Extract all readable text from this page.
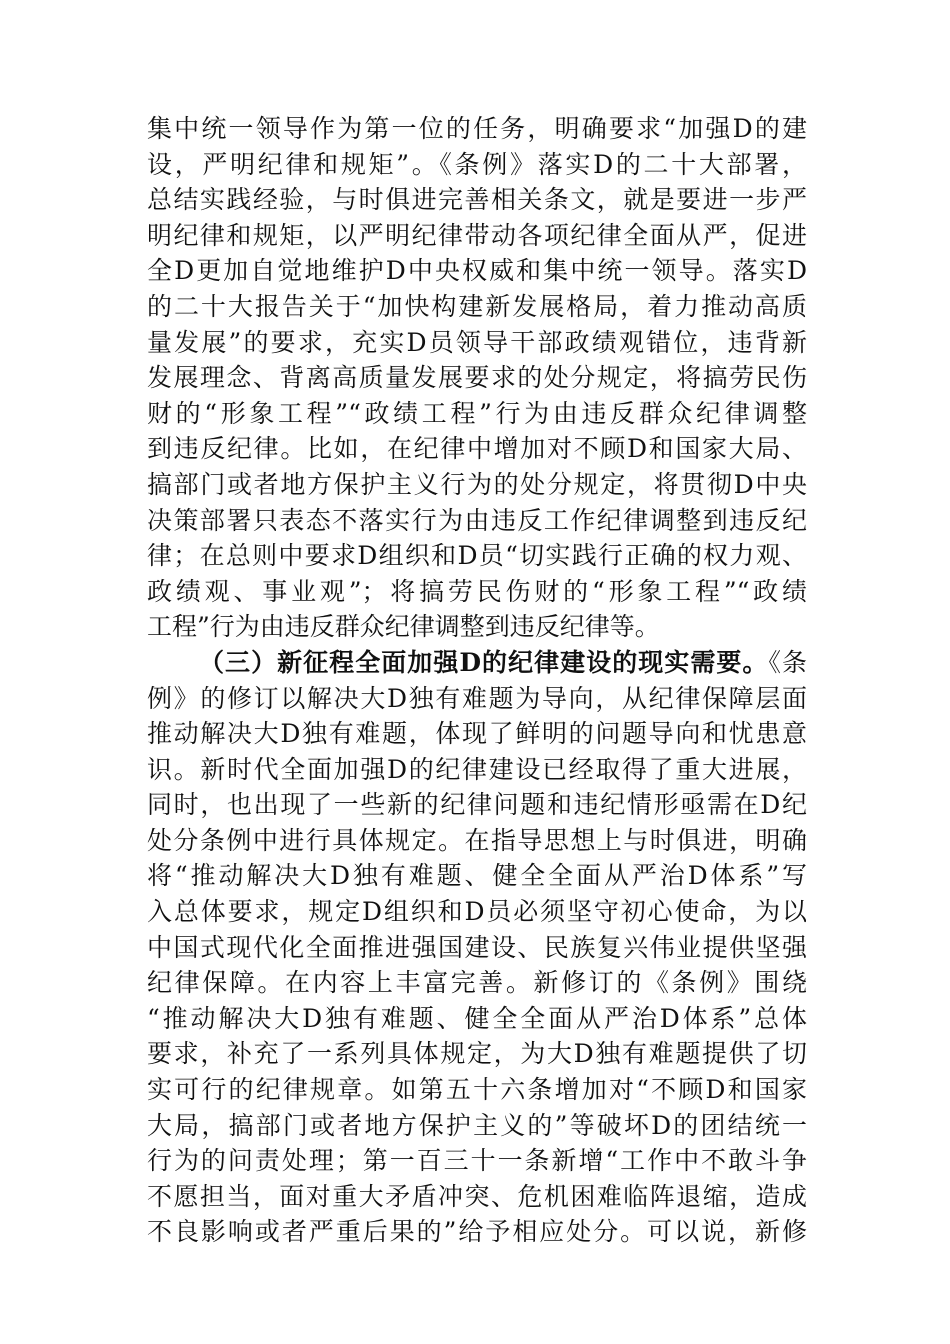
集中统一领导作为第一位的任务，明确要求“加强D的建
设，严明纪律和规矩”。《条例》落实D的二十大部署，
总结实践经验，与时俱进完善相关条文，就是要进一步严
明纪律和规矩，以严明纪律带动各项纪律全面从严，促进
全D更加自觉地维护D中央权威和集中统一领导。落实D
的二十大报告关于“加快构建新发展格局，着力推动高质
量发展”的要求，充实D员领导干部政绩观错位，违背新
发展理念、背离高质量发展要求的处分规定，将搞劳民伤
财的“形象工程”“政绩工程”行为由违反群众纪律调整
到违反纪律。比如，在纪律中增加对不顾D和国家大局、
搞部门或者地方保护主义行为的处分规定，将贯彻D中央
决策部署只表态不落实行为由违反工作纪律调整到违反纪
律；在总则中要求D组织和D员“切实践行正确的权力观、
政绩观、事业观”；将搞劳民伤财的“形象工程”“政绩
工程”行为由违反群众纪律调整到违反纪律等。
（三）新征程全面加强D的纪律建设的现实需要。《条
例》的修订以解决大D独有难题为导向，从纪律保障层面
推动解决大D独有难题，体现了鲜明的问题导向和忧患意
识。新时代全面加强D的纪律建设已经取得了重大进展，
同时，也出现了一些新的纪律问题和违纪情形亟需在D纪
处分条例中进行具体规定。在指导思想上与时俱进，明确
将“推动解决大D独有难题、健全全面从严治D体系”写
入总体要求，规定D组织和D员必须坚守初心使命，为以
中国式现代化全面推进强国建设、民族复兴伟业提供坚强
纪律保障。在内容上丰富完善。新修订的《条例》围绕
“推动解决大D独有难题、健全全面从严治D体系”总体
要求，补充了一系列具体规定，为大D独有难题提供了切
实可行的纪律规章。如第五十六条增加对“不顾D和国家
大局，搞部门或者地方保护主义的”等破坏D的团结统一
行为的问责处理；第一百三十一条新增“工作中不敢斗争
不愿担当，面对重大矛盾冲突、危机困难临阵退缩，造成
不良影响或者严重后果的”给予相应处分。可以说，新修
